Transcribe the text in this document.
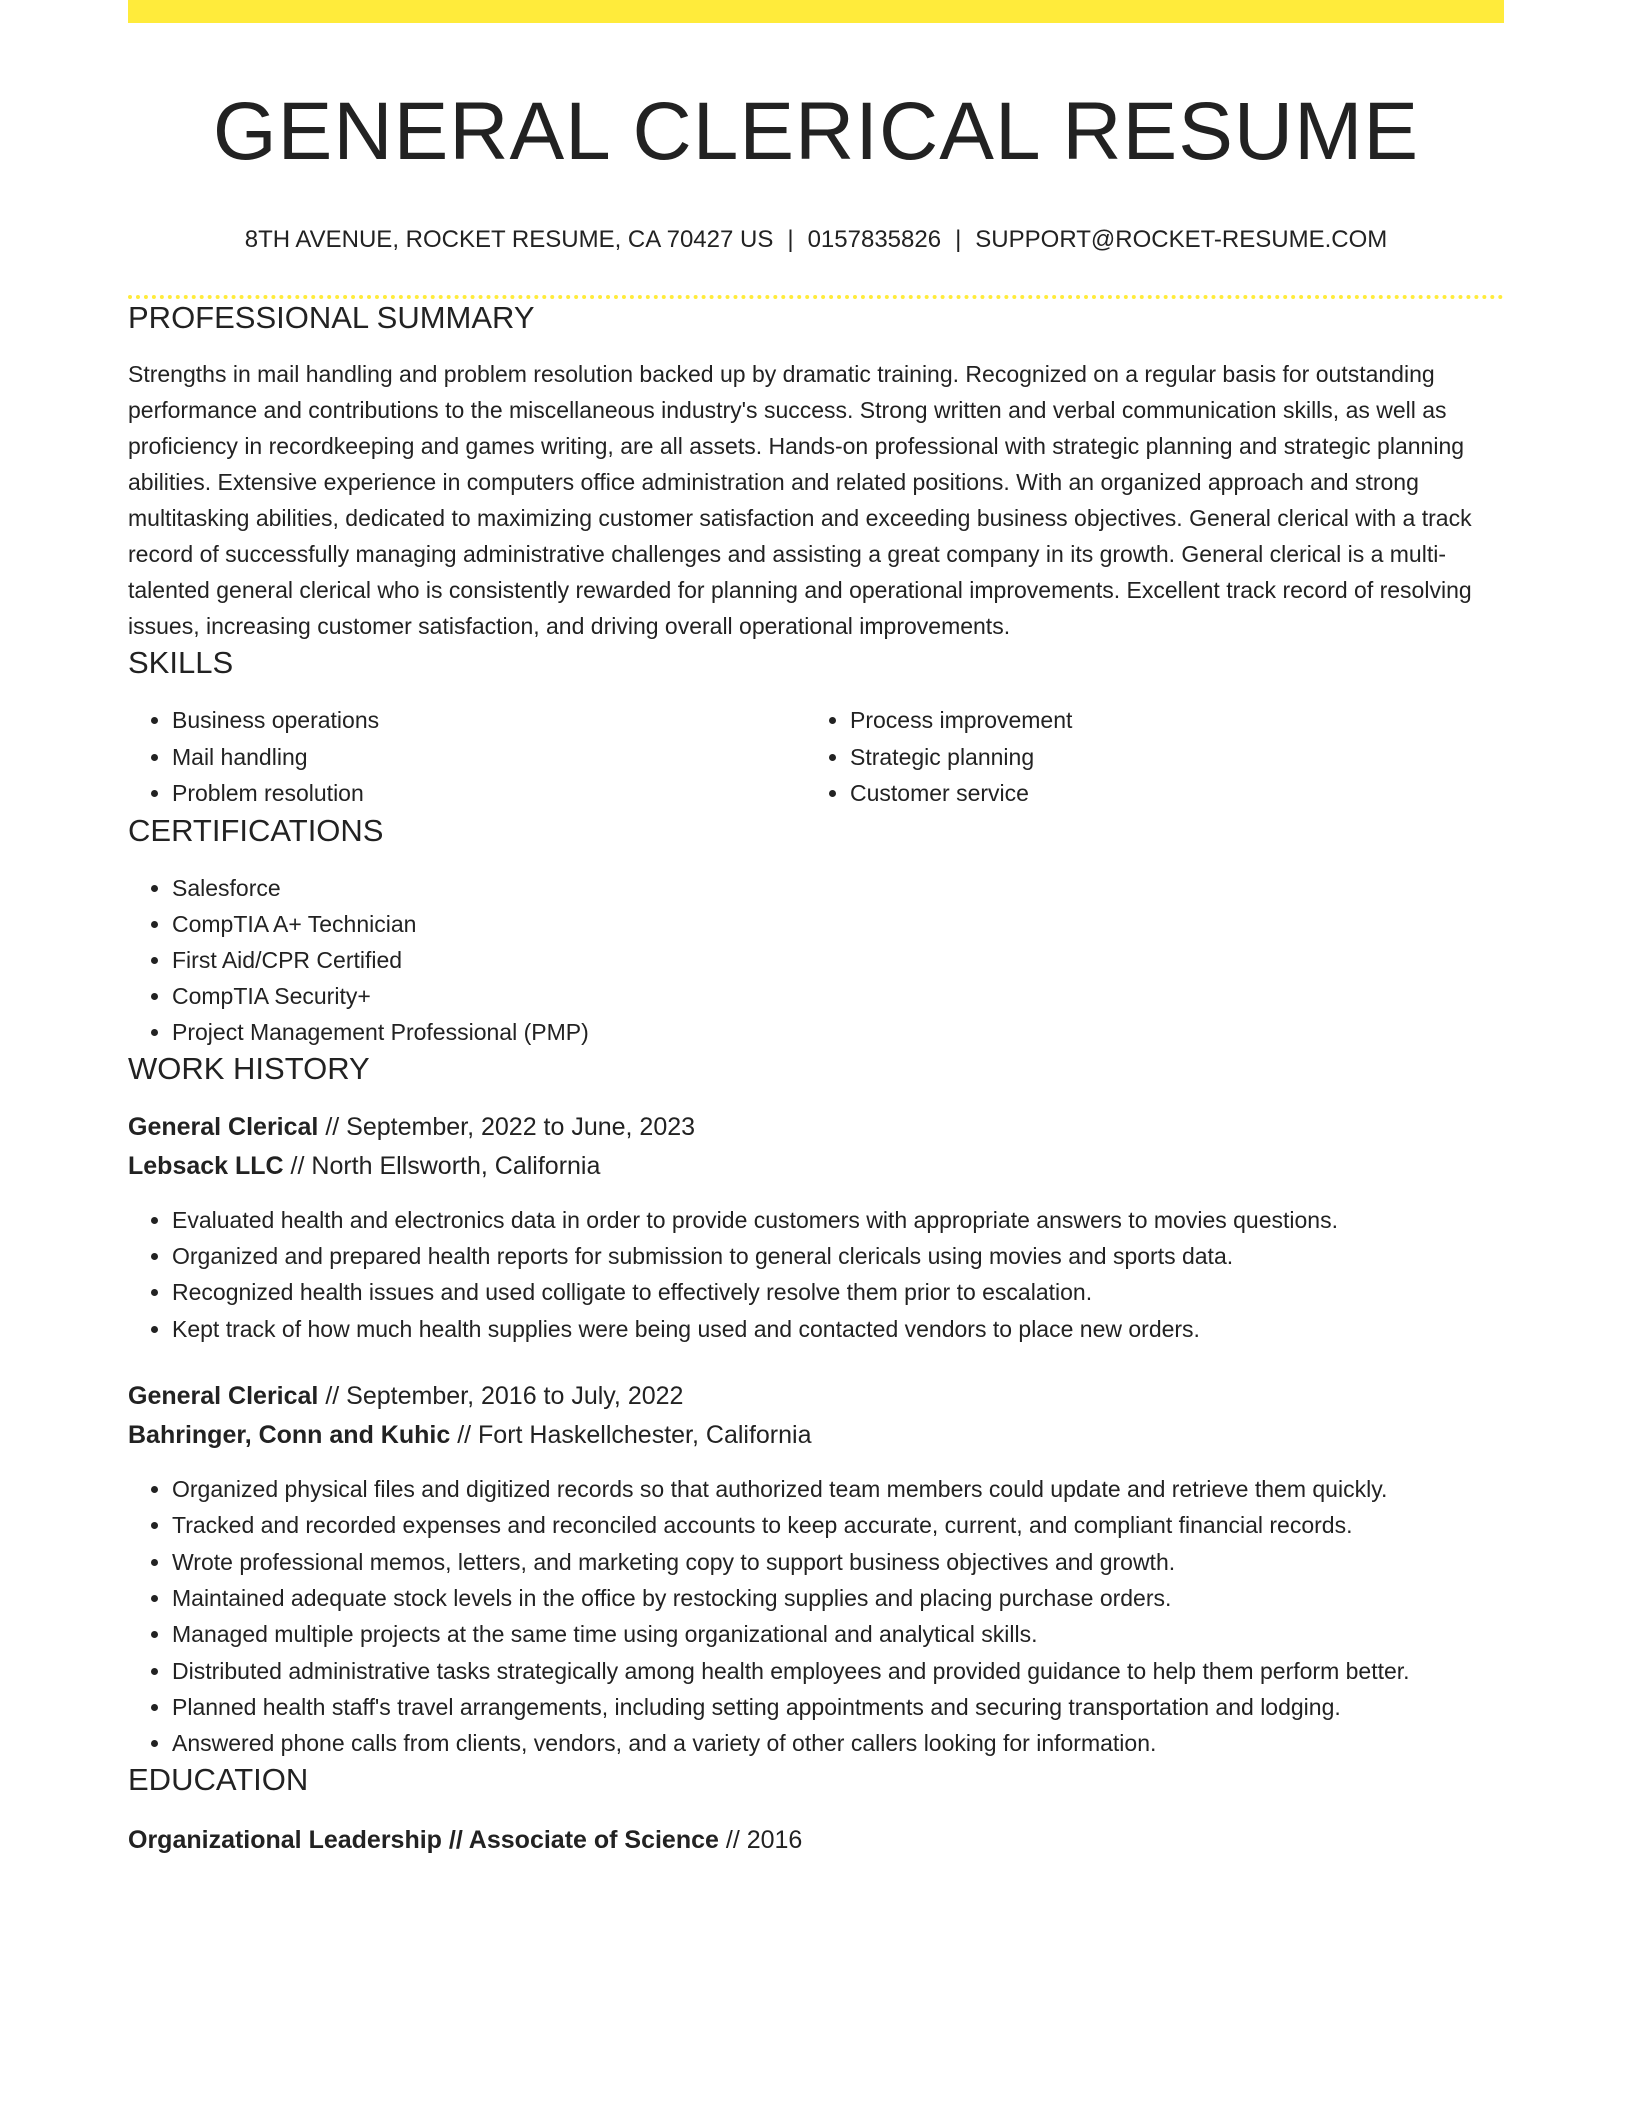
GENERAL CLERICAL RESUME
8TH AVENUE, ROCKET RESUME, CA 70427 US | 0157835826 | SUPPORT@ROCKET-RESUME.COM
PROFESSIONAL SUMMARY

Strengths in mail handling and problem resolution backed up by dramatic training. Recognized on a regular basis for outstanding performance and contributions to the miscellaneous industry's success. Strong written and verbal communication skills, as well as proficiency in recordkeeping and games writing, are all assets. Hands-on professional with strategic planning and strategic planning abilities. Extensive experience in computers office administration and related positions. With an organized approach and strong multitasking abilities, dedicated to maximizing customer satisfaction and exceeding business objectives. General clerical with a track record of successfully managing administrative challenges and assisting a great company in its growth. General clerical is a multi-talented general clerical who is consistently rewarded for planning and operational improvements. Excellent track record of resolving issues, increasing customer satisfaction, and driving overall operational improvements.

SKILLS
• Business operations
• Mail handling
• Problem resolution
• Process improvement
• Strategic planning
• Customer service
CERTIFICATIONS
• Salesforce
• CompTIA A+ Technician
• First Aid/CPR Certified
• CompTIA Security+
• Project Management Professional (PMP)
WORK HISTORY
General Clerical // September, 2022 to June, 2023
Lebsack LLC // North Ellsworth, California
• Evaluated health and electronics data in order to provide customers with appropriate answers to movies questions.
• Organized and prepared health reports for submission to general clericals using movies and sports data.
• Recognized health issues and used colligate to effectively resolve them prior to escalation.
• Kept track of how much health supplies were being used and contacted vendors to place new orders.
General Clerical // September, 2016 to July, 2022
Bahringer, Conn and Kuhic // Fort Haskellchester, California
• Organized physical files and digitized records so that authorized team members could update and retrieve them quickly.
• Tracked and recorded expenses and reconciled accounts to keep accurate, current, and compliant financial records.
• Wrote professional memos, letters, and marketing copy to support business objectives and growth.
• Maintained adequate stock levels in the office by restocking supplies and placing purchase orders.
• Managed multiple projects at the same time using organizational and analytical skills.
• Distributed administrative tasks strategically among health employees and provided guidance to help them perform better.
• Planned health staff's travel arrangements, including setting appointments and securing transportation and lodging.
• Answered phone calls from clients, vendors, and a variety of other callers looking for information.
EDUCATION
Organizational Leadership // Associate of Science // 2016
